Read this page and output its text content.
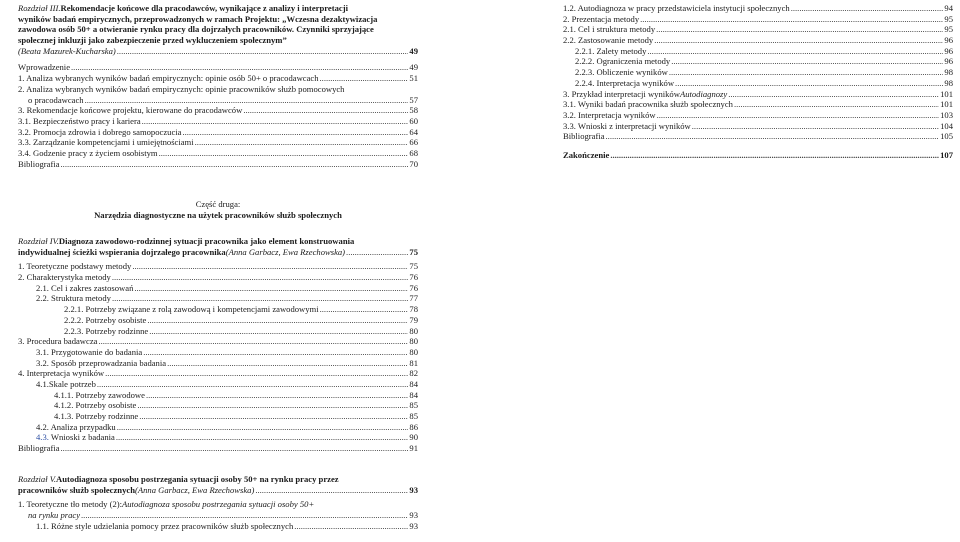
Rozdział III. Rekomendacje końcowe dla pracodawców, wynikające z analizy i interpretacji
wyników badań empirycznych, przeprowadzonych w ramach Projektu: „Wczesna dezaktywizacja
zawodowa osób 50+ a otwieranie rynku pracy dla dojrzałych pracowników. Czynniki sprzyjające
społecznej inkluzji jako zabezpieczenie przed wykluczeniem społecznym”
(Beata Mazurek-Kucharska) .....	49
Wprowadzenie .....	49
1. Analiza wybranych wyników badań empirycznych: opinie osób 50+ o pracodawcach .....	51
2. Analiza wybranych wyników badań empirycznych: opinie pracowników służb pomocowych
o pracodawcach .....	57
3. Rekomendacje końcowe projektu, kierowane do pracodawców .....	58
3.1. Bezpieczeństwo pracy i kariera .....	60
3.2. Promocja zdrowia i dobrego samopoczucia .....	64
3.3. Zarządzanie kompetencjami i umiejętnościami .....	66
3.4. Godzenie pracy z życiem osobistym .....	68
Bibliografia .....	70
Część druga:
Narzędzia diagnostyczne na użytek pracowników służb społecznych
Rozdział IV. Diagnoza zawodowo-rodzinnej sytuacji pracownika jako element konstruowania
indywidualnej ścieżki wspierania dojrzałego pracownika (Anna Garbacz, Ewa Rzechowska) .....	75
1. Teoretyczne podstawy metody .....	75
2. Charakterystyka metody .....	76
2.1. Cel i zakres zastosowań .....	76
2.2. Struktura metody .....	77
2.2.1. Potrzeby związane z rolą zawodową i kompetencjami zawodowymi .....	78
2.2.2. Potrzeby osobiste .....	79
2.2.3. Potrzeby rodzinne .....	80
3. Procedura badawcza .....	80
3.1. Przygotowanie do badania .....	80
3.2. Sposób przeprowadzania badania .....	81
4. Interpretacja wyników .....	82
4.1.Skale potrzeb .....	84
4.1.1. Potrzeby zawodowe .....	84
4.1.2. Potrzeby osobiste .....	85
4.1.3. Potrzeby rodzinne .....	85
4.2. Analiza przypadku .....	86
4.3. Wnioski z badania .....	90
Bibliografia .....	91
Rozdział V. Autodiagnoza sposobu postrzegania sytuacji osoby 50+ na rynku pracy przez
pracowników służb społecznych (Anna Garbacz, Ewa Rzechowska) .....	93
1. Teoretyczne tło metody (2): Autodiagnoza sposobu postrzegania sytuacji osoby 50+
na rynku pracy .....	93
1.1. Różne style udzielania pomocy przez pracowników służb społecznych .....	93
1.2. Autodiagnoza w pracy przedstawiciela instytucji społecznych .....	94
2. Prezentacja metody .....	95
2.1. Cel i struktura metody .....	95
2.2. Zastosowanie metody .....	96
2.2.1. Zalety metody .....	96
2.2.2. Ograniczenia metody .....	96
2.2.3. Obliczenie wyników .....	98
2.2.4. Interpretacja wyników .....	98
3. Przykład interpretacji wyników Autodiagnozy .....	101
3.1. Wyniki badań pracownika służb społecznych .....	101
3.2. Interpretacja wyników .....	103
3.3. Wnioski z interpretacji wyników .....	104
Bibliografia .....	105
Zakończenie .....	107
